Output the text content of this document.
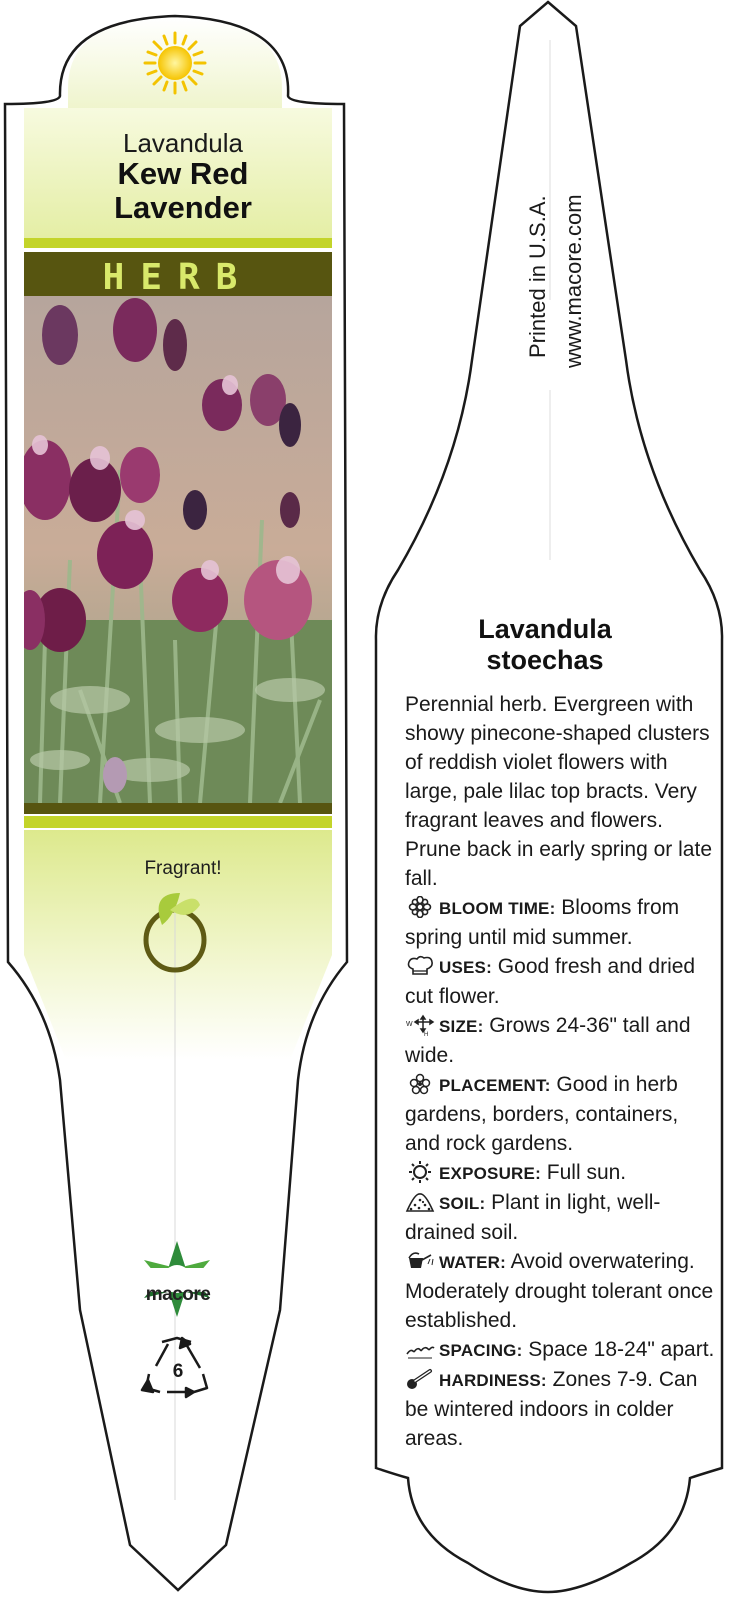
Lavandula
Kew Red
Lavender
HERB
Fragrant!
macore
6
Printed in U.S.A. www.macore.com
Lavandula
stoechas

Perennial herb. Evergreen with showy pinecone-shaped clusters of reddish violet flowers with large, pale lilac top bracts. Very fragrant leaves and flowers. Prune back in early spring or late fall.

BLOOM TIME: Blooms from spring until mid summer.

USES: Good fresh and dried cut flower.

W
H SIZE: Grows 24-36" tall and wide.

PLACEMENT: Good in herb gardens, borders, containers, and rock gardens.

EXPOSURE: Full sun.

SOIL: Plant in light, well-drained soil.

WATER: Avoid overwatering. Moderately drought tolerant once established.

SPACING: Space 18-24" apart.

HARDINESS: Zones 7-9. Can be wintered indoors in colder areas.
